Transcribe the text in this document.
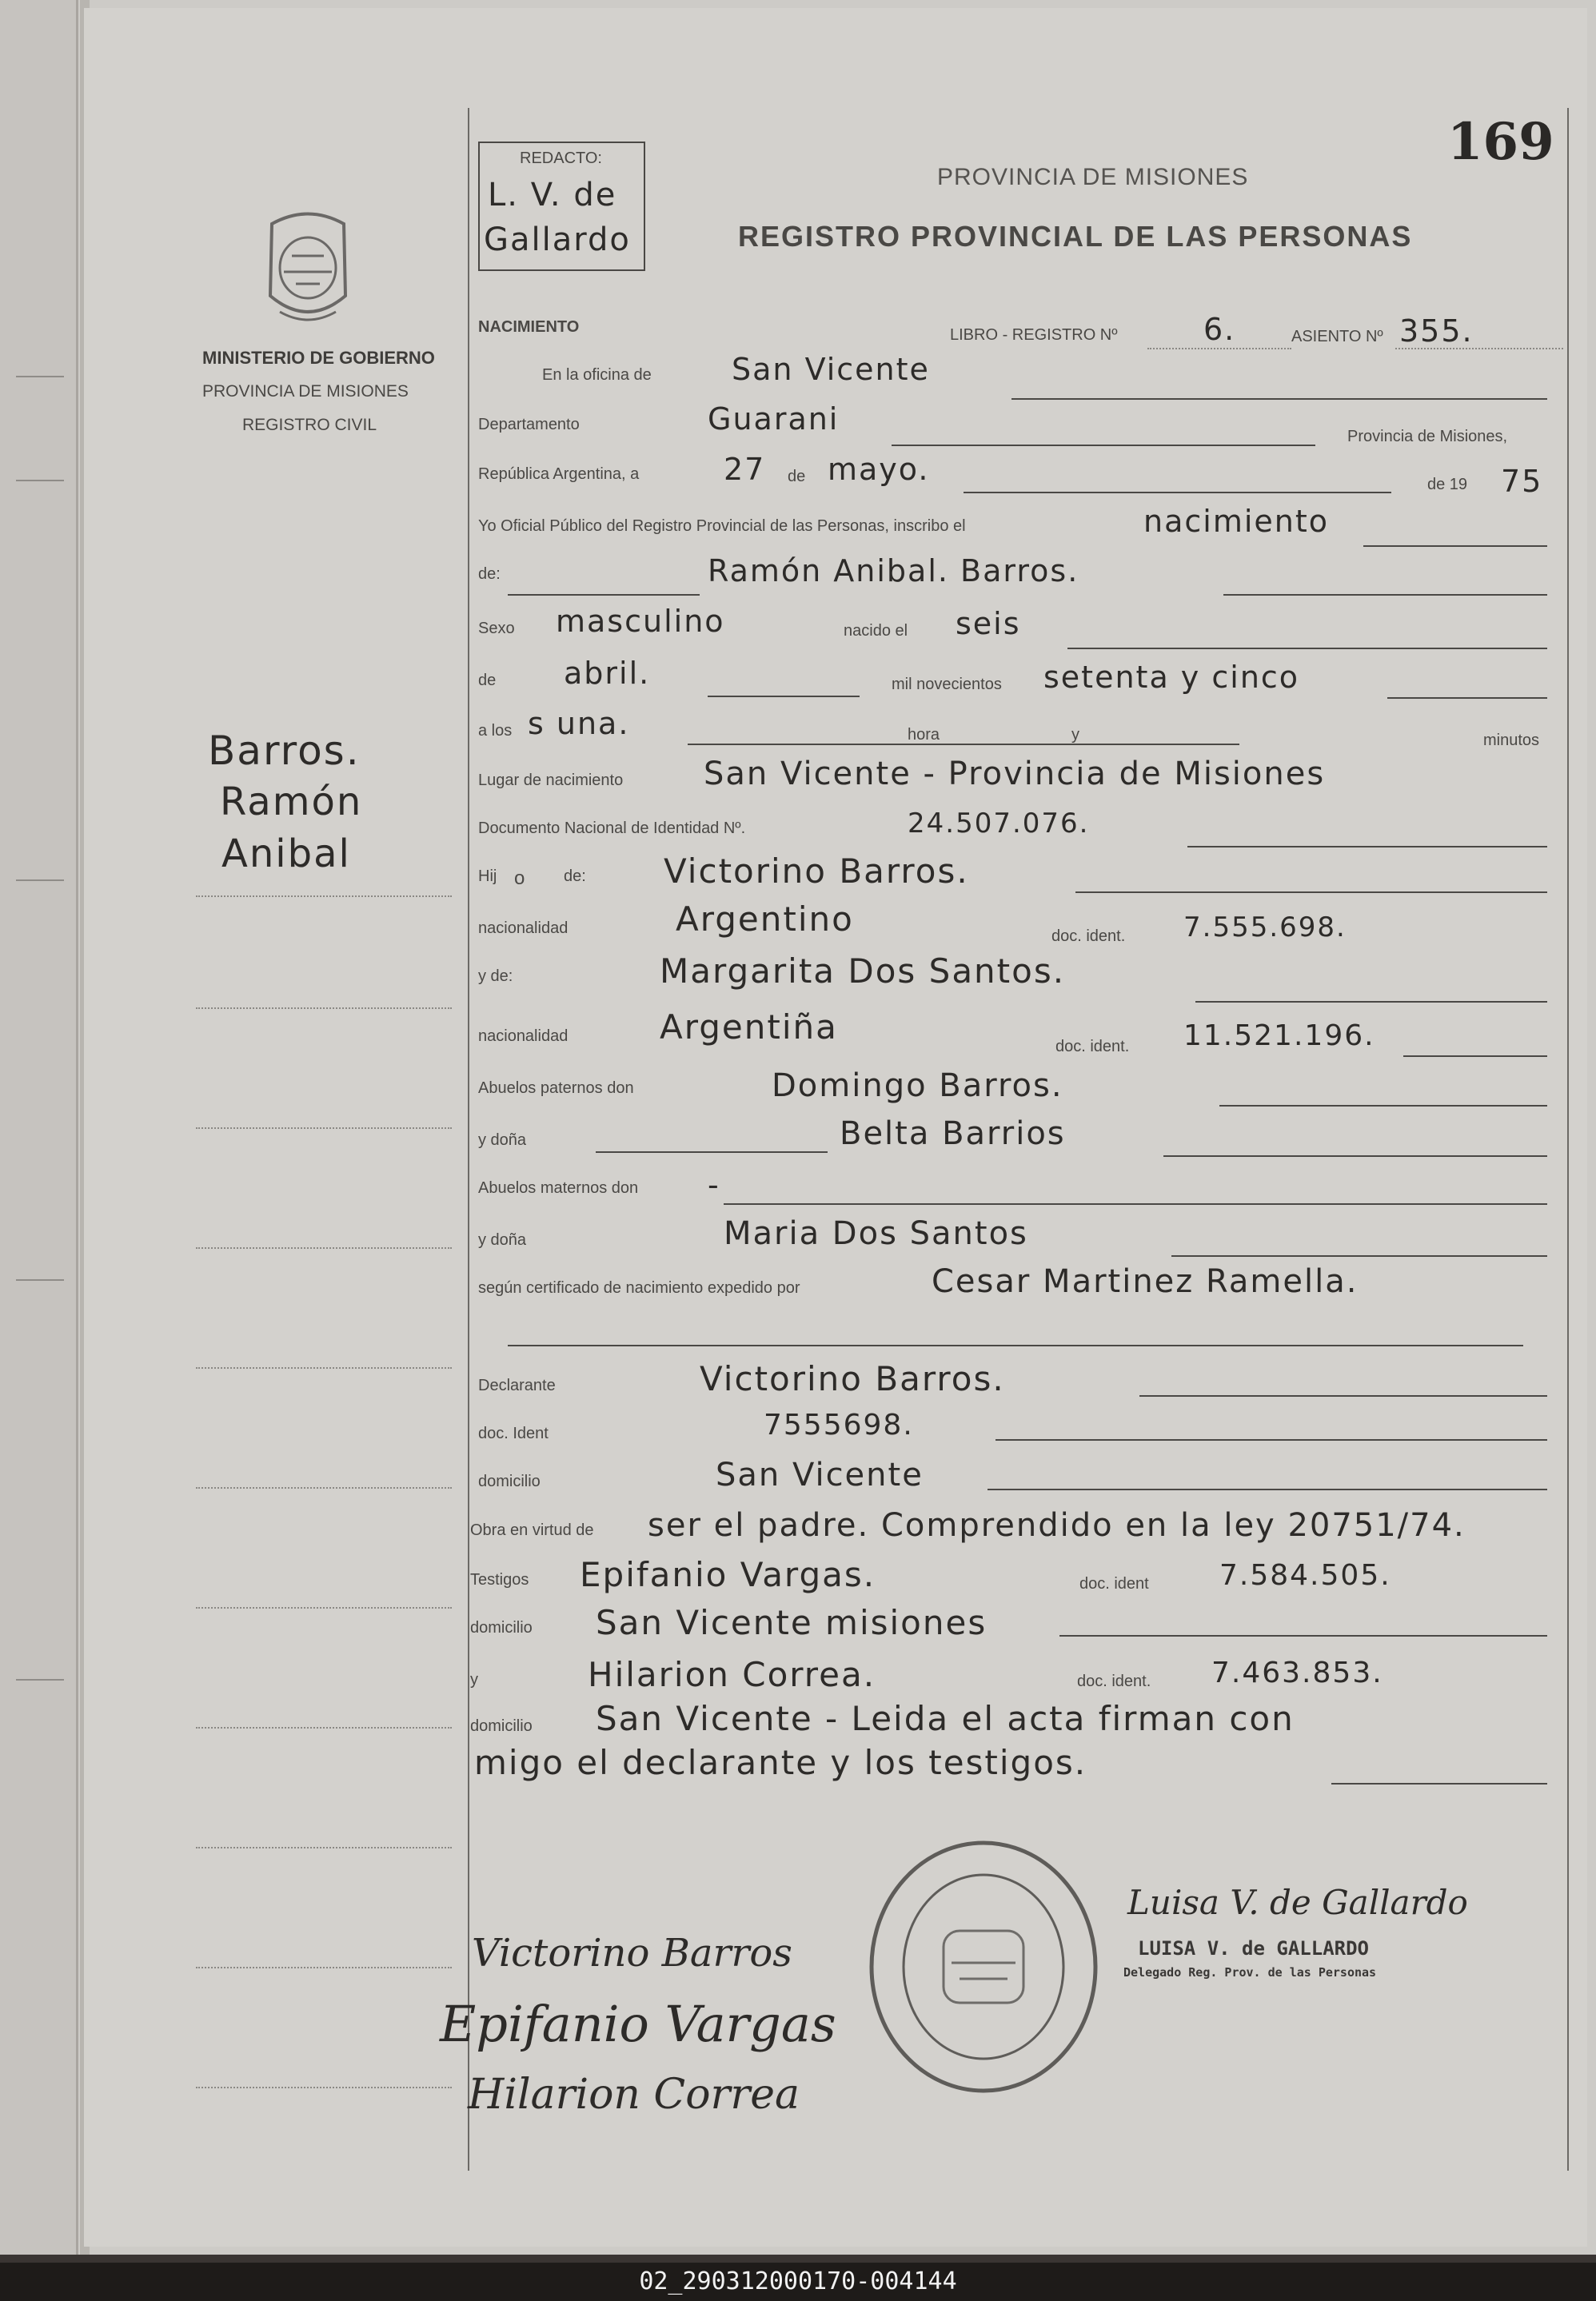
169
REDACTO:
L. V. de
Gallardo
PROVINCIA DE MISIONES
REGISTRO PROVINCIAL DE LAS PERSONAS
MINISTERIO DE GOBIERNO
PROVINCIA DE MISIONES
REGISTRO CIVIL
Barros.
Ramón
Anibal
NACIMIENTO	LIBRO - REGISTRO Nº	6.	ASIENTO Nº 355.
En la oficina de	San Vicente
Departamento	Guarani	Provincia de Misiones,
República Argentina, a	27 de mayo.	de 19 75
Yo Oficial Público del Registro Provincial de las Personas, inscribo el	nacimiento
de:	Ramón Anibal. Barros.
Sexo masculino	nacido el seis
de abril.	mil novecientos setenta y cinco
a los s una.	hora	y	minutos
Lugar de nacimiento	San Vicente - Provincia de Misiones
Documento Nacional de Identidad Nº.	24.507.076.
Hij o de: Victorino Barros.
nacionalidad	Argentino	doc. ident. 7.555.698.
y de:	Margarita Dos Santos.
nacionalidad	Argentiña	doc. ident. 11.521.196.
Abuelos paternos don	Domingo Barros.
y doña	Belta Barrios
Abuelos maternos don -
y doña	Maria Dos Santos
según certificado de nacimiento expedido por	Cesar Martinez Ramella.
Declarante	Victorino Barros.
doc. Ident	7555698.
domicilio	San Vicente
Obra en virtud de ser el padre. Comprendido en la ley 20751/74.
Testigos Epifanio Vargas.	doc. ident 7.584.505.
domicilio San Vicente misiones
y	Hilarion Correa.	doc. ident. 7.463.853.
domicilio San Vicente - Leida el acta firman con
migo el declarante y los testigos.
Victorino Barros
Epifanio Vargas
Hilarion Correa
Luisa V. de Gallardo
LUISA V. de GALLARDO
Delegado Reg. Prov. de las Personas
02_290312000170-004144
